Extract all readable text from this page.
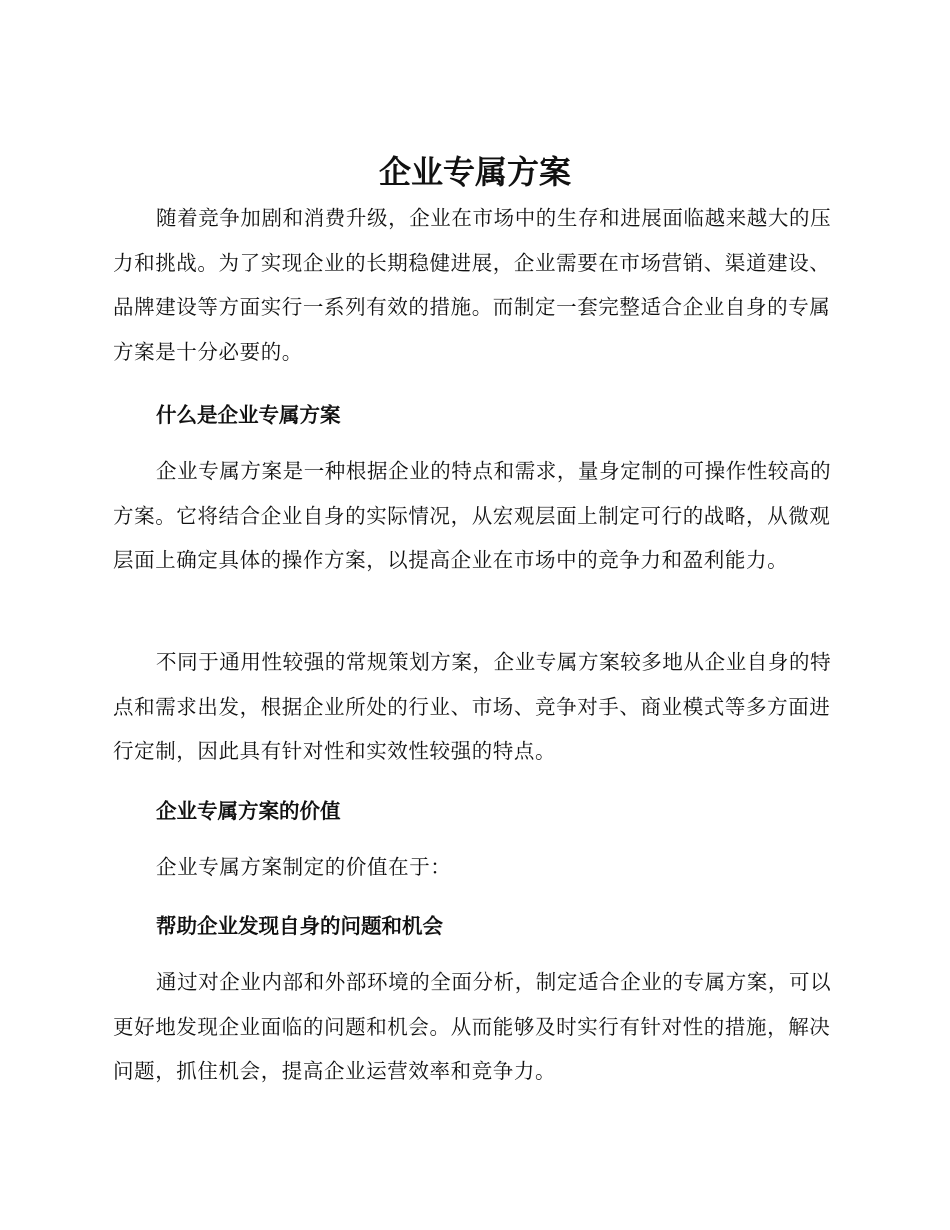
企业专属方案

随着竞争加剧和消费升级，企业在市场中的生存和进展面临越来越大的压力和挑战。为了实现企业的长期稳健进展，企业需要在市场营销、渠道建设、品牌建设等方面实行一系列有效的措施。而制定一套完整适合企业自身的专属方案是十分必要的。

什么是企业专属方案

企业专属方案是一种根据企业的特点和需求，量身定制的可操作性较高的方案。它将结合企业自身的实际情况，从宏观层面上制定可行的战略，从微观层面上确定具体的操作方案，以提高企业在市场中的竞争力和盈利能力。

不同于通用性较强的常规策划方案，企业专属方案较多地从企业自身的特点和需求出发，根据企业所处的行业、市场、竞争对手、商业模式等多方面进行定制，因此具有针对性和实效性较强的特点。

企业专属方案的价值

企业专属方案制定的价值在于：

帮助企业发现自身的问题和机会

通过对企业内部和外部环境的全面分析，制定适合企业的专属方案，可以更好地发现企业面临的问题和机会。从而能够及时实行有针对性的措施，解决问题，抓住机会，提高企业运营效率和竞争力。
